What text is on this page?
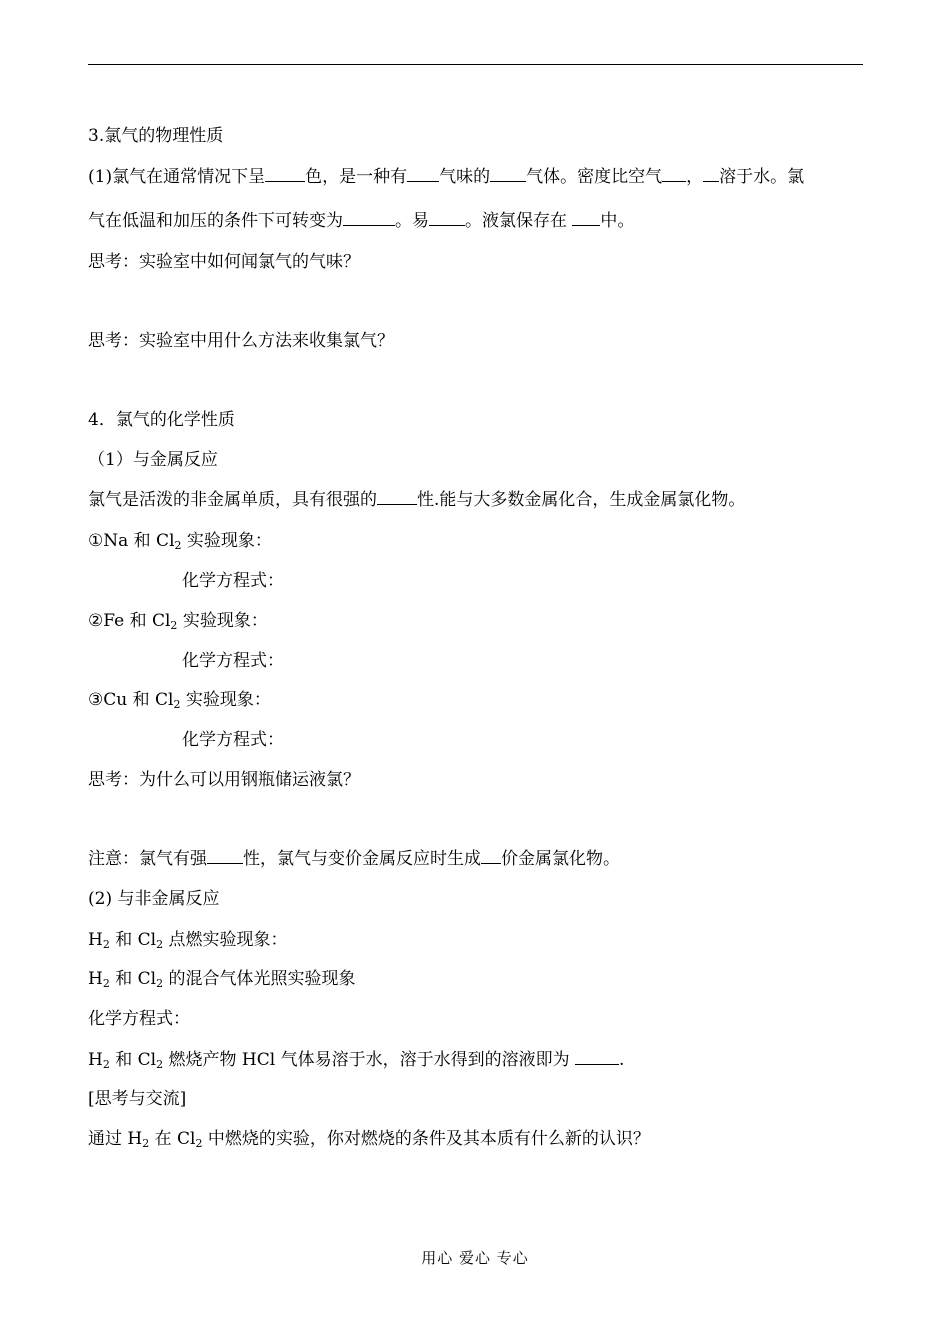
3.氯气的物理性质
(1)氯气在通常情况下呈 色，是一种有 气味的 气体。密度比空气 ， 溶于水。氯
气在低温和加压的条件下可转变为	。易 。液氯保存在 中。
思考：实验室中如何闻氯气的气味？
思考：实验室中用什么方法来收集氯气？
4．氯气的化学性质
（1）与金属反应
氯气是活泼的非金属单质，具有很强的 性.能与大多数金属化合，生成金属氯化物。
①Na 和 $Cl_2$ 实验现象：
化学方程式：
②Fe 和 $Cl_2$ 实验现象：
化学方程式：
③Cu 和 $Cl_2$ 实验现象：
化学方程式：
思考：为什么可以用钢瓶储运液氯？
注意：氯气有强 性，氯气与变价金属反应时生成 价金属氯化物。
(2) 与非金属反应
$H_2$ 和 $Cl_2$ 点燃实验现象：
$H_2$ 和 $Cl_2$ 的混合气体光照实验现象
化学方程式：
$H_2$ 和 $Cl_2$ 燃烧产物 HCl 气体易溶于水，溶于水得到的溶液即为	.
[思考与交流]
通过 $H_2$ 在 $Cl_2$ 中燃烧的实验，你对燃烧的条件及其本质有什么新的认识？
用心 爱心 专心
